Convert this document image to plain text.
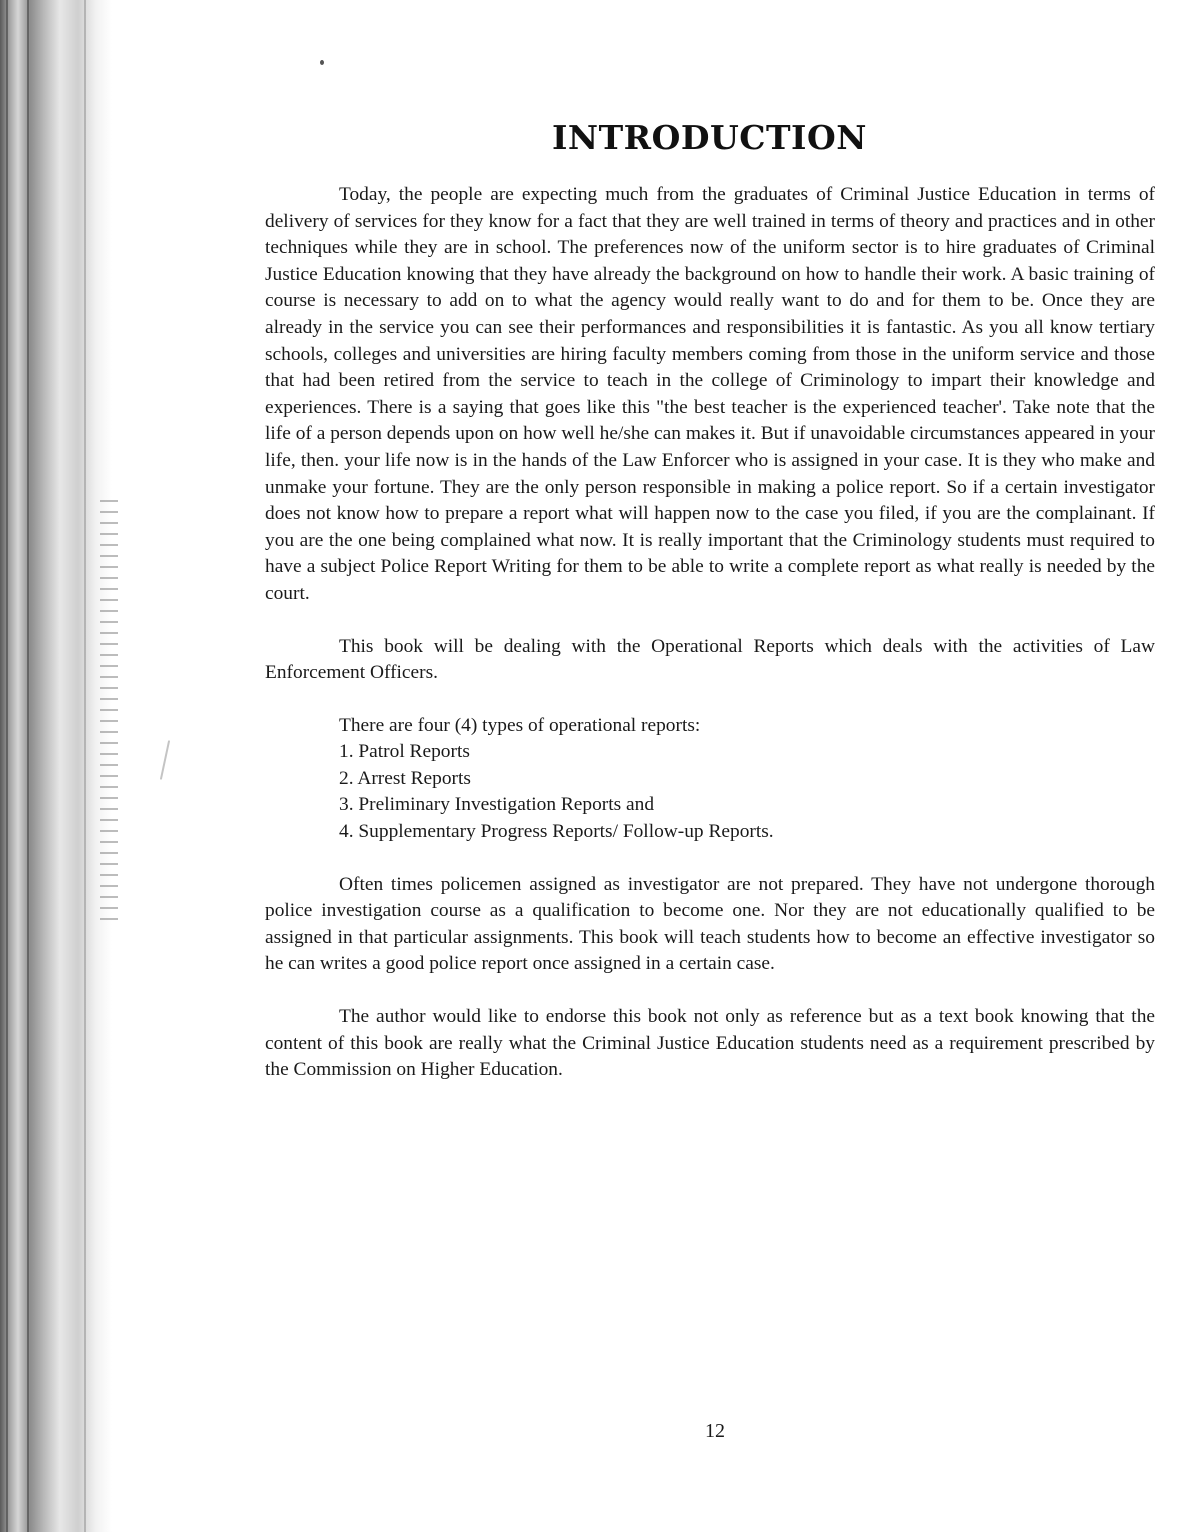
INTRODUCTION

Today, the people are expecting much from the graduates of Criminal Justice Education in terms of delivery of services for they know for a fact that they are well trained in terms of theory and practices and in other techniques while they are in school. The preferences now of the uniform sector is to hire graduates of Criminal Justice Education knowing that they have already the background on how to handle their work. A basic training of course is necessary to add on to what the agency would really want to do and for them to be. Once they are already in the service you can see their performances and responsibilities it is fantastic. As you all know tertiary schools, colleges and universities are hiring faculty members coming from those in the uniform service and those that had been retired from the service to teach in the college of Criminology to impart their knowledge and experiences. There is a saying that goes like this "the best teacher is the experienced teacher'. Take note that the life of a person depends upon on how well he/she can makes it. But if unavoidable circumstances appeared in your life, then. your life now is in the hands of the Law Enforcer who is assigned in your case. It is they who make and unmake your fortune. They are the only person responsible in making a police report. So if a certain investigator does not know how to prepare a report what will happen now to the case you filed, if you are the complainant. If you are the one being complained what now. It is really important that the Criminology students must required to have a subject Police Report Writing for them to be able to write a complete report as what really is needed by the court.

This book will be dealing with the Operational Reports which deals with the activities of Law Enforcement Officers.

There are four (4) types of operational reports:
1. Patrol Reports
2. Arrest Reports
3. Preliminary Investigation Reports and
4. Supplementary Progress Reports/ Follow-up Reports.

Often times policemen assigned as investigator are not prepared. They have not undergone thorough police investigation course as a qualification to become one. Nor they are not educationally qualified to be assigned in that particular assignments. This book will teach students how to become an effective investigator so he can writes a good police report once assigned in a certain case.

The author would like to endorse this book not only as reference but as a text book knowing that the content of this book are really what the Criminal Justice Education students need as a requirement prescribed by the Commission on Higher Education.

12
